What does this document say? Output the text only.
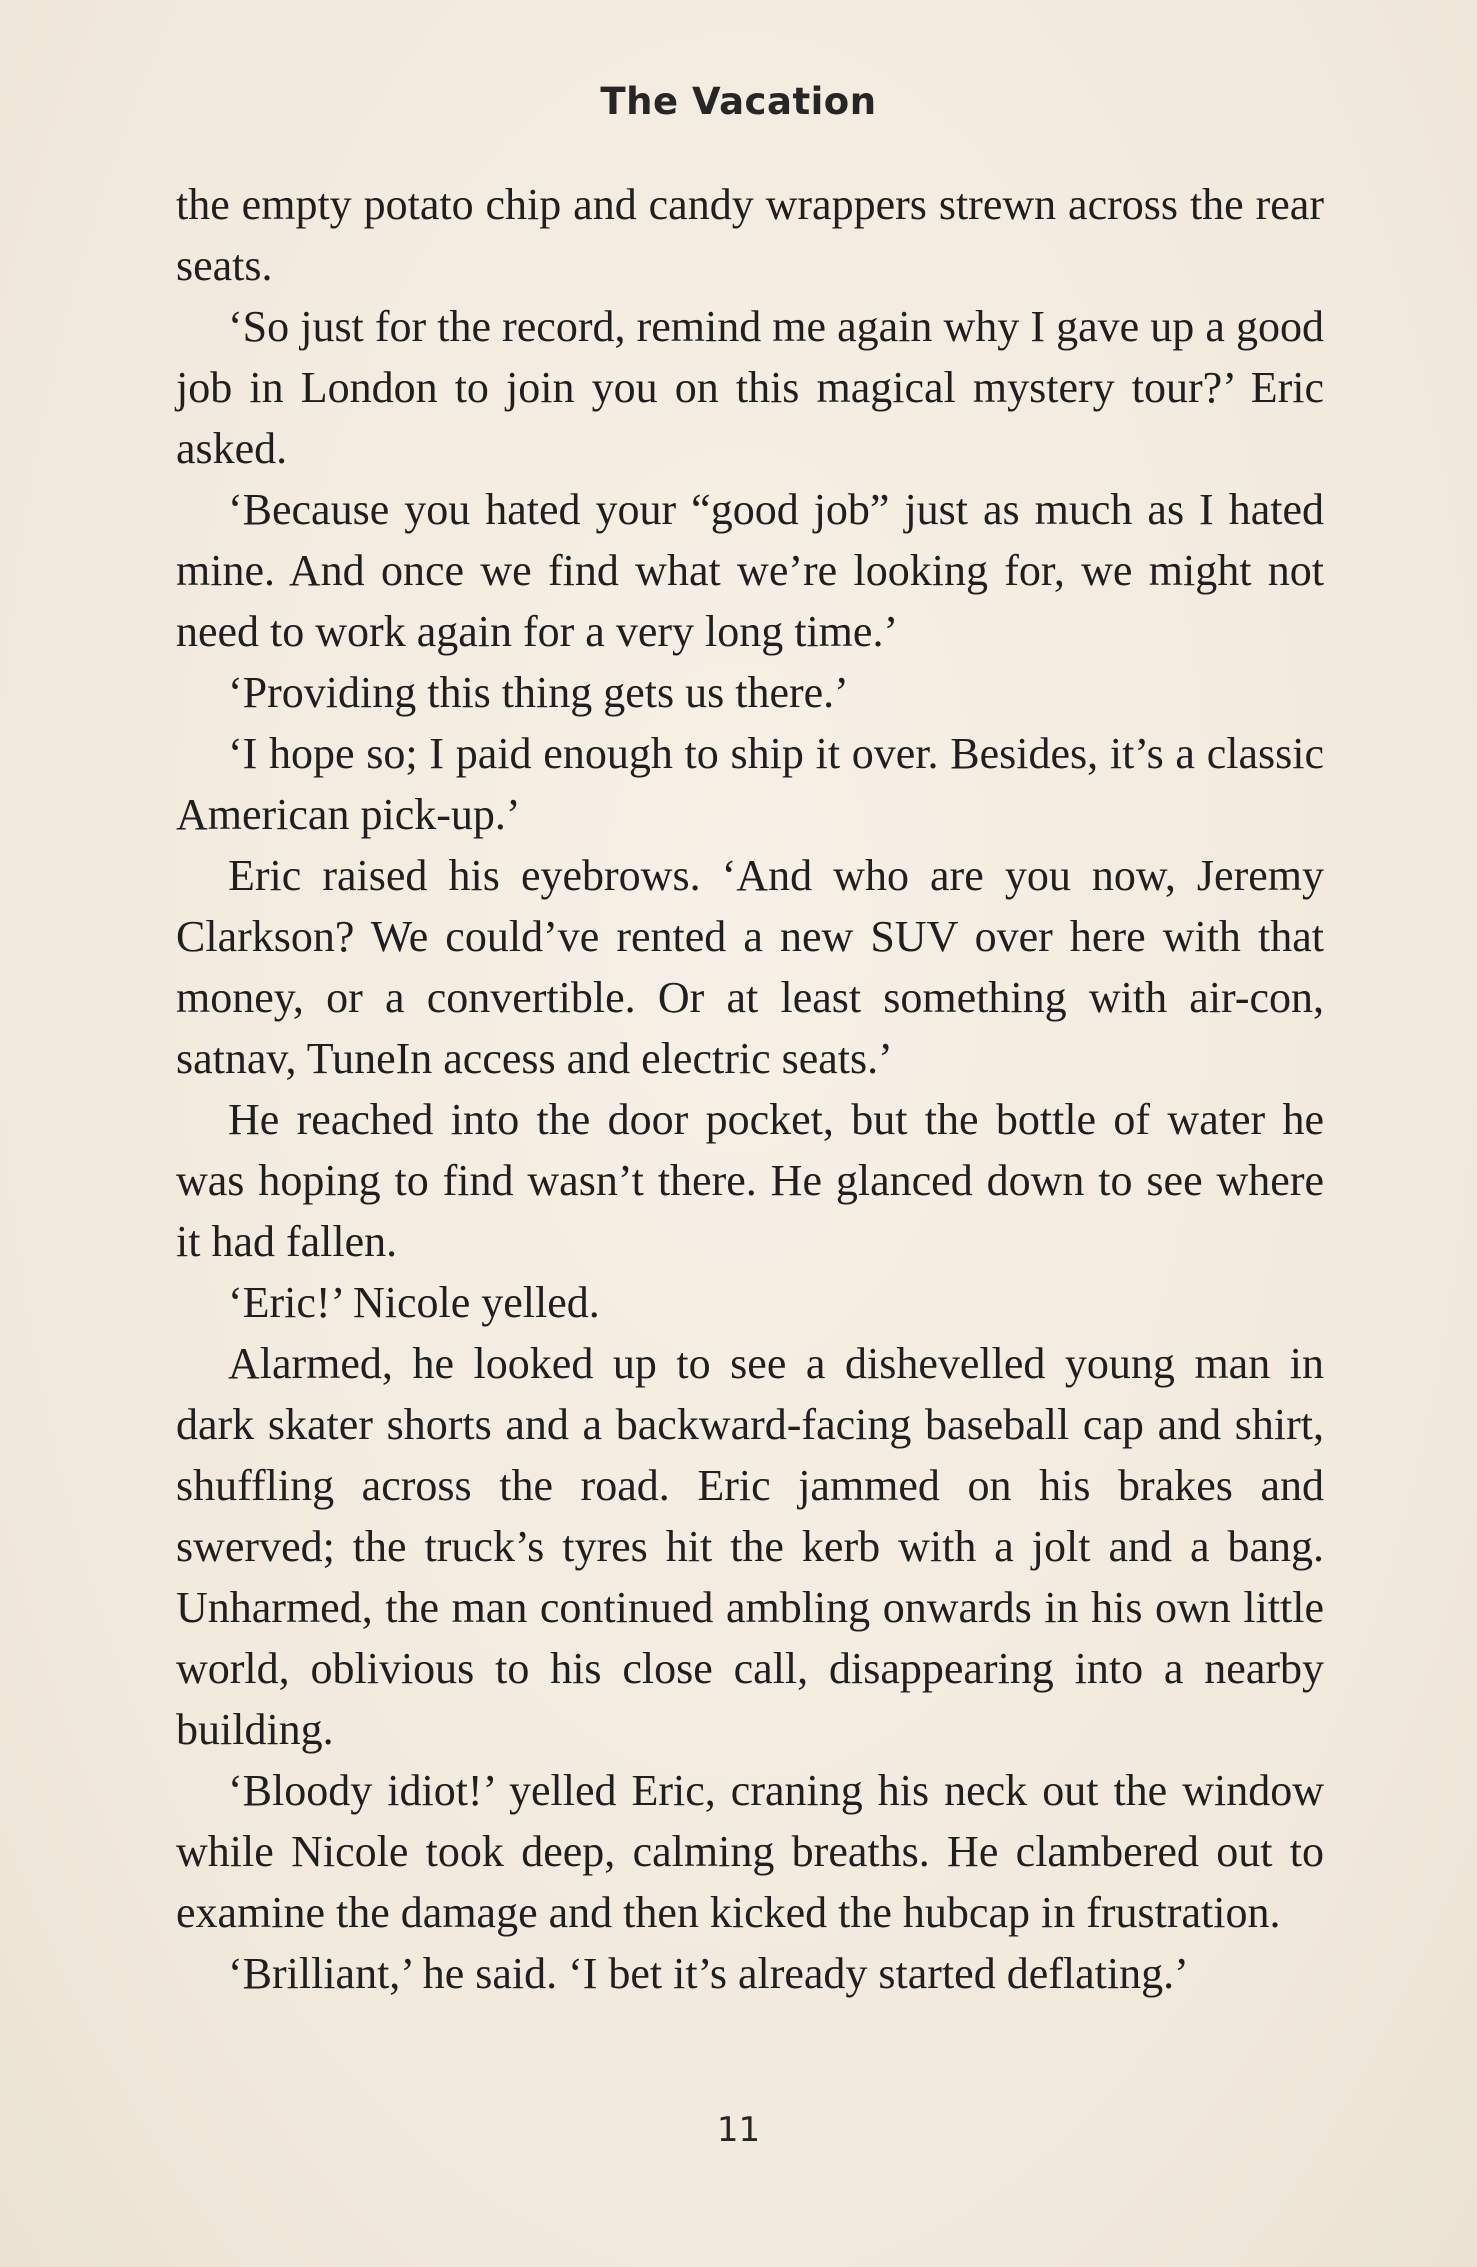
The Vacation

the empty potato chip and candy wrappers strewn across the rear seats.

‘So just for the record, remind me again why I gave up a good job in London to join you on this magical mystery tour?’ Eric asked.

‘Because you hated your “good job” just as much as I hated mine. And once we find what we’re looking for, we might not need to work again for a very long time.’

‘Providing this thing gets us there.’

‘I hope so; I paid enough to ship it over. Besides, it’s a classic American pick-up.’

Eric raised his eyebrows. ‘And who are you now, Jeremy Clarkson? We could’ve rented a new SUV over here with that money, or a convertible. Or at least something with air-con, satnav, TuneIn access and electric seats.’

He reached into the door pocket, but the bottle of water he was hoping to find wasn’t there. He glanced down to see where it had fallen.

‘Eric!’ Nicole yelled.

Alarmed, he looked up to see a dishevelled young man in dark skater shorts and a backward-facing baseball cap and shirt, shuffling across the road. Eric jammed on his brakes and swerved; the truck’s tyres hit the kerb with a jolt and a bang. Unharmed, the man continued ambling onwards in his own little world, oblivious to his close call, disappearing into a nearby building.

‘Bloody idiot!’ yelled Eric, craning his neck out the window while Nicole took deep, calming breaths. He clambered out to examine the damage and then kicked the hubcap in frustration.

‘Brilliant,’ he said. ‘I bet it’s already started deflating.’

11
